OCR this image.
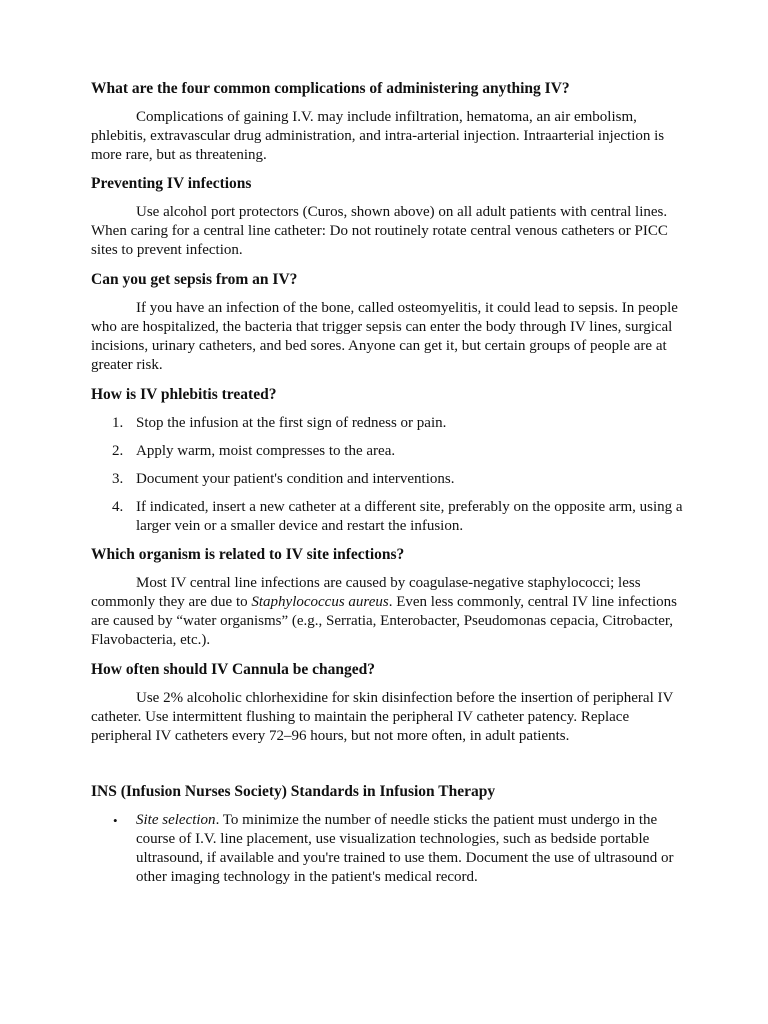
What are the four common complications of administering anything IV?
Complications of gaining I.V. may include infiltration, hematoma, an air embolism, phlebitis, extravascular drug administration, and intra-arterial injection. Intraarterial injection is more rare, but as threatening.
Preventing IV infections
Use alcohol port protectors (Curos, shown above) on all adult patients with central lines. When caring for a central line catheter: Do not routinely rotate central venous catheters or PICC sites to prevent infection.
Can you get sepsis from an IV?
If you have an infection of the bone, called osteomyelitis, it could lead to sepsis. In people who are hospitalized, the bacteria that trigger sepsis can enter the body through IV lines, surgical incisions, urinary catheters, and bed sores. Anyone can get it, but certain groups of people are at greater risk.
How is IV phlebitis treated?
1. Stop the infusion at the first sign of redness or pain.
2. Apply warm, moist compresses to the area.
3. Document your patient's condition and interventions.
4. If indicated, insert a new catheter at a different site, preferably on the opposite arm, using a larger vein or a smaller device and restart the infusion.
Which organism is related to IV site infections?
Most IV central line infections are caused by coagulase-negative staphylococci; less commonly they are due to Staphylococcus aureus. Even less commonly, central IV line infections are caused by “water organisms” (e.g., Serratia, Enterobacter, Pseudomonas cepacia, Citrobacter, Flavobacteria, etc.).
How often should IV Cannula be changed?
Use 2% alcoholic chlorhexidine for skin disinfection before the insertion of peripheral IV catheter. Use intermittent flushing to maintain the peripheral IV catheter patency. Replace peripheral IV catheters every 72–96 hours, but not more often, in adult patients.
INS (Infusion Nurses Society) Standards in Infusion Therapy
• Site selection. To minimize the number of needle sticks the patient must undergo in the course of I.V. line placement, use visualization technologies, such as bedside portable ultrasound, if available and you're trained to use them. Document the use of ultrasound or other imaging technology in the patient's medical record.
